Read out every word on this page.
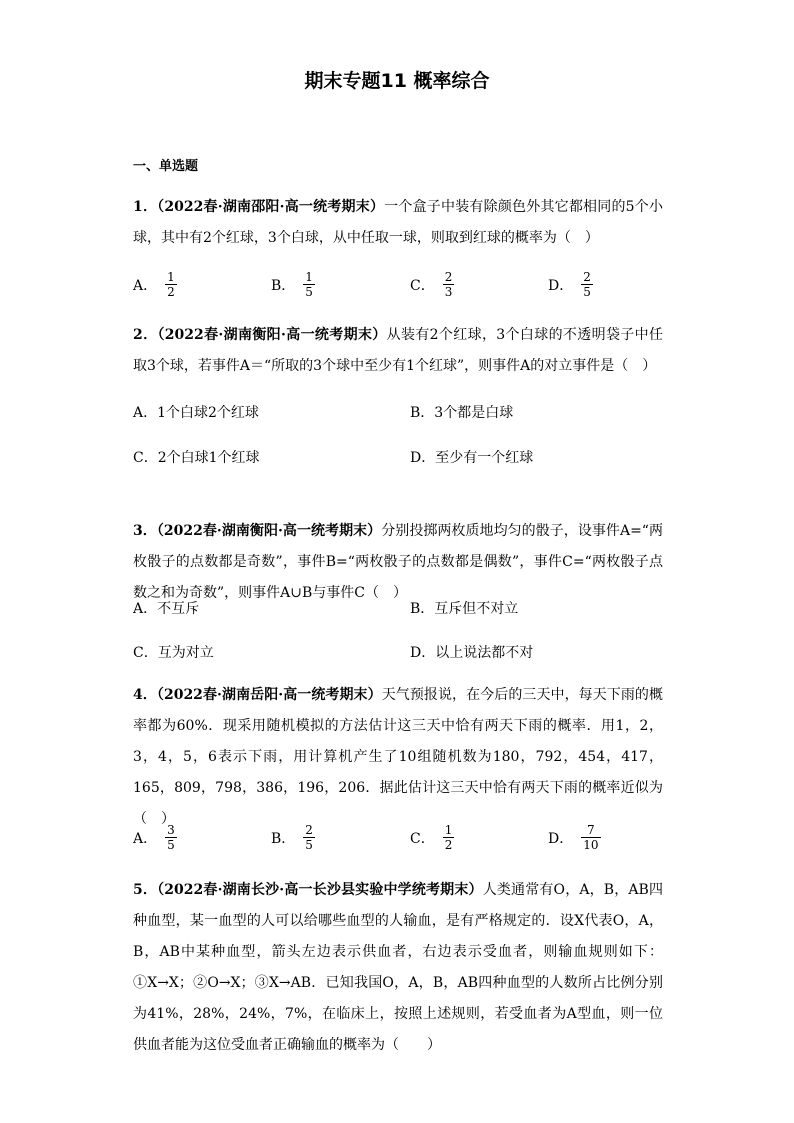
期末专题11 概率综合
一、单选题
1．（2022春·湖南邵阳·高一统考期末）一个盒子中装有除颜色外其它都相同的5个小球，其中有2个红球，3个白球，从中任取一球，则取到红球的概率为（　）
A． $\frac{1}{2}$	B． $\frac{1}{5}$	C． $\frac{2}{3}$	D． $\frac{2}{5}$
2．（2022春·湖南衡阳·高一统考期末）从装有2个红球，3个白球的不透明袋子中任取3个球，若事件A＝“所取的3个球中至少有1个红球”，则事件A的对立事件是（　）
A．1个白球2个红球	B．3个都是白球
C．2个白球1个红球	D．至少有一个红球
3．（2022春·湖南衡阳·高一统考期末）分别投掷两枚质地均匀的骰子，设事件A=“两枚骰子的点数都是奇数”，事件B=“两枚骰子的点数都是偶数”，事件C=“两枚骰子点数之和为奇数”，则事件A∪B与事件C（　）
A．不互斥	B．互斥但不对立
C．互为对立	D．以上说法都不对
4．（2022春·湖南岳阳·高一统考期末）天气预报说，在今后的三天中，每天下雨的概率都为60%．现采用随机模拟的方法估计这三天中恰有两天下雨的概率．用1，2，3，4，5，6表示下雨，用计算机产生了10组随机数为180，792，454，417，165，809，798，386，196，206．据此估计这三天中恰有两天下雨的概率近似为（　）
A． $\frac{3}{5}$	B． $\frac{2}{5}$	C． $\frac{1}{2}$	D． $\frac{7}{10}$
5．（2022春·湖南长沙·高一长沙县实验中学统考期末）人类通常有O，A，B，AB四种血型，某一血型的人可以给哪些血型的人输血，是有严格规定的．设X代表O，A，B，AB中某种血型，箭头左边表示供血者，右边表示受血者，则输血规则如下：①X→X；②O→X；③X→AB．已知我国O，A，B，AB四种血型的人数所占比例分别为41%，28%，24%，7%，在临床上，按照上述规则，若受血者为A型血，则一位供血者能为这位受血者正确输血的概率为（　　）
